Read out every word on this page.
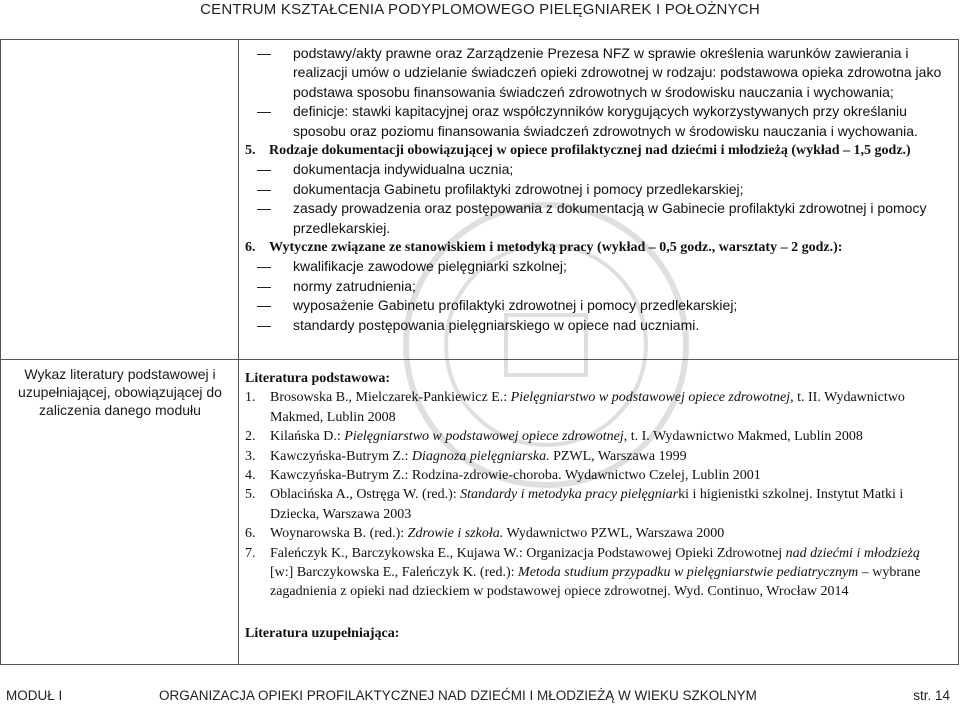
CENTRUM KSZTAŁCENIA PODYPLOMOWEGO PIELĘGNIAREK I POŁOŻNYCH
– podstawy/akty prawne oraz Zarządzenie Prezesa NFZ w sprawie określenia warunków zawierania i realizacji umów o udzielanie świadczeń opieki zdrowotnej w rodzaju: podstawowa opieka zdrowotna jako podstawa sposobu finansowania świadczeń zdrowotnych w środowisku nauczania i wychowania;
– definicje: stawki kapitacyjnej oraz współczynników korygujących wykorzystywanych przy określaniu sposobu oraz poziomu finansowania świadczeń zdrowotnych w środowisku nauczania i wychowania.
5. Rodzaje dokumentacji obowiązującej w opiece profilaktycznej nad dziećmi i młodzieżą (wykład – 1,5 godz.)
– dokumentacja indywidualna ucznia;
– dokumentacja Gabinetu profilaktyki zdrowotnej i pomocy przedlekarskiej;
– zasady prowadzenia oraz postępowania z dokumentacją w Gabinecie profilaktyki zdrowotnej i pomocy przedlekarskiej.
6. Wytyczne związane ze stanowiskiem i metodyką pracy (wykład – 0,5 godz., warsztaty – 2 godz.):
– kwalifikacje zawodowe pielęgniarki szkolnej;
– normy zatrudnienia;
– wyposażenie Gabinetu profilaktyki zdrowotnej i pomocy przedlekarskiej;
– standardy postępowania pielęgniarskiego w opiece nad uczniami.
Wykaz literatury podstawowej i uzupełniającej, obowiązującej do zaliczenia danego modułu
Literatura podstawowa:
1. Brosowska B., Mielczarek-Pankiewicz E.: Pielęgniarstwo w podstawowej opiece zdrowotnej, t. II. Wydawnictwo Makmed, Lublin 2008
2. Kilańska D.: Pielęgniarstwo w podstawowej opiece zdrowotnej, t. I. Wydawnictwo Makmed, Lublin 2008
3. Kawczyńska-Butrym Z.: Diagnoza pielęgniarska. PZWL, Warszawa 1999
4. Kawczyńska-Butrym Z.: Rodzina-zdrowie-choroba. Wydawnictwo Czelej, Lublin 2001
5. Oblacińska A., Ostręga W. (red.): Standardy i metodyka pracy pielęgniarki i higienistki szkolnej. Instytut Matki i Dziecka, Warszawa 2003
6. Woynarowska B. (red.): Zdrowie i szkoła. Wydawnictwo PZWL, Warszawa 2000
7. Faleńczyk K., Barczykowska E., Kujawa W.: Organizacja Podstawowej Opieki Zdrowotnej nad dziećmi i młodzieżą [w:] Barczykowska E., Faleńczyk K. (red.): Metoda studium przypadku w pielęgniarstwie pediatrycznym – wybrane zagadnienia z opieki nad dzieckiem w podstawowej opiece zdrowotnej. Wyd. Continuo, Wrocław 2014
Literatura uzupełniająca:
MODUŁ I	ORGANIZACJA OPIEKI PROFILAKTYCZNEJ NAD DZIEĆMI I MŁODZIEŻĄ W WIEKU SZKOLNYM	str. 14
